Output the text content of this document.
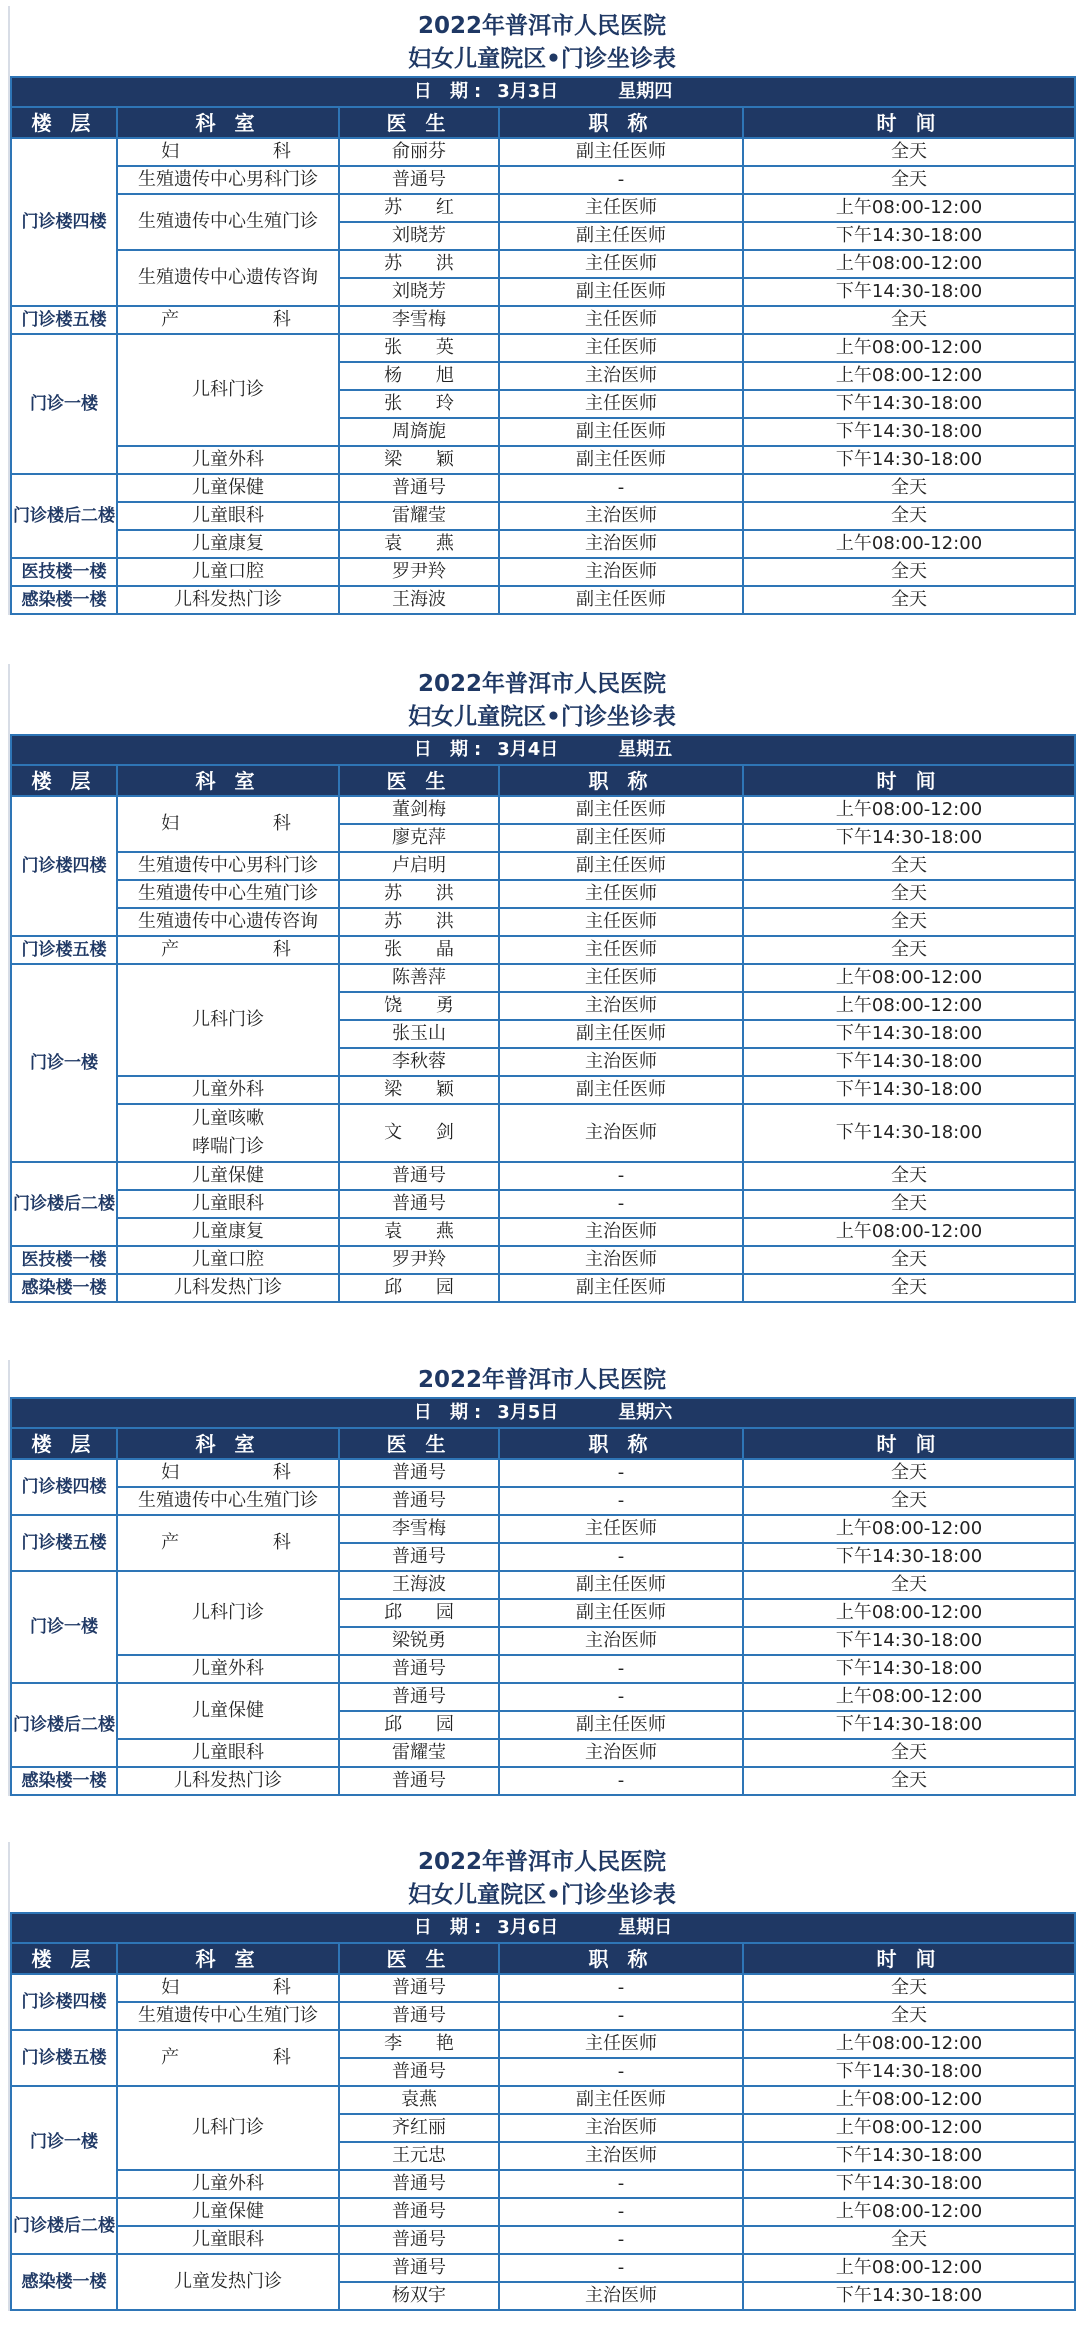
2022年普洱市人民医院
妇女儿童院区•门诊坐诊表
日 期: 3月3日 星期四				
楼 层	科 室	医 生	职 称	时 间
门诊楼四楼	妇 科	俞丽芬	副主任医师	全天
	生殖遗传中心男科门诊	普通号	-	全天
	生殖遗传中心生殖门诊	苏 红	主任医师	上午08:00-12:00
		刘晓芳	副主任医师	下午14:30-18:00
	生殖遗传中心遗传咨询	苏 洪	主任医师	上午08:00-12:00
		刘晓芳	副主任医师	下午14:30-18:00
门诊楼五楼	产 科	李雪梅	主任医师	全天
门诊一楼	儿科门诊	张 英	主任医师	上午08:00-12:00
		杨 旭	主治医师	上午08:00-12:00
		张 玲	主任医师	下午14:30-18:00
		周旖旎	副主任医师	下午14:30-18:00
	儿童外科	梁 颖	副主任医师	下午14:30-18:00
门诊楼后二楼	儿童保健	普通号	-	全天
	儿童眼科	雷耀莹	主治医师	全天
	儿童康复	袁 燕	主治医师	上午08:00-12:00
医技楼一楼	儿童口腔	罗尹羚	主治医师	全天
感染楼一楼	儿科发热门诊	王海波	副主任医师	全天
2022年普洱市人民医院
妇女儿童院区•门诊坐诊表
日 期: 3月4日 星期五				
楼 层	科 室	医 生	职 称	时 间
门诊楼四楼	妇 科	董剑梅	副主任医师	上午08:00-12:00
		廖克萍	副主任医师	下午14:30-18:00
	生殖遗传中心男科门诊	卢启明	副主任医师	全天
	生殖遗传中心生殖门诊	苏 洪	主任医师	全天
	生殖遗传中心遗传咨询	苏 洪	主任医师	全天
门诊楼五楼	产 科	张 晶	主任医师	全天
门诊一楼	儿科门诊	陈善萍	主任医师	上午08:00-12:00
		饶 勇	主治医师	上午08:00-12:00
		张玉山	副主任医师	下午14:30-18:00
		李秋蓉	主治医师	下午14:30-18:00
	儿童外科	梁 颖	副主任医师	下午14:30-18:00

	儿童咳嗽
哮喘门诊	文 剑	主治医师	下午14:30-18:00
门诊楼后二楼	儿童保健	普通号	-	全天
	儿童眼科	普通号	-	全天
	儿童康复	袁 燕	主治医师	上午08:00-12:00
医技楼一楼	儿童口腔	罗尹羚	主治医师	全天
感染楼一楼	儿科发热门诊	邱 园	副主任医师	全天
2022年普洱市人民医院
日 期: 3月5日 星期六				
楼 层	科 室	医 生	职 称	时 间
门诊楼四楼	妇 科	普通号	-	全天
	生殖遗传中心生殖门诊	普通号	-	全天
门诊楼五楼	产 科	李雪梅	主任医师	上午08:00-12:00
		普通号	-	下午14:30-18:00
门诊一楼	儿科门诊	王海波	副主任医师	全天
		邱 园	副主任医师	上午08:00-12:00
		梁锐勇	主治医师	下午14:30-18:00
	儿童外科	普通号	-	下午14:30-18:00
门诊楼后二楼	儿童保健	普通号	-	上午08:00-12:00
		邱 园	副主任医师	下午14:30-18:00
	儿童眼科	雷耀莹	主治医师	全天
感染楼一楼	儿科发热门诊	普通号	-	全天
2022年普洱市人民医院
妇女儿童院区•门诊坐诊表
日 期: 3月6日 星期日				
楼 层	科 室	医 生	职 称	时 间
门诊楼四楼	妇 科	普通号	-	全天
	生殖遗传中心生殖门诊	普通号	-	全天
门诊楼五楼	产 科	李 艳	主任医师	上午08:00-12:00
		普通号	-	下午14:30-18:00
门诊一楼	儿科门诊	袁燕	副主任医师	上午08:00-12:00
		齐红丽	主治医师	上午08:00-12:00
		王元忠	主治医师	下午14:30-18:00
	儿童外科	普通号	-	下午14:30-18:00
门诊楼后二楼	儿童保健	普通号	-	上午08:00-12:00
	儿童眼科	普通号	-	全天
感染楼一楼	儿童发热门诊	普通号	-	上午08:00-12:00
		杨双宇	主治医师	下午14:30-18:00
